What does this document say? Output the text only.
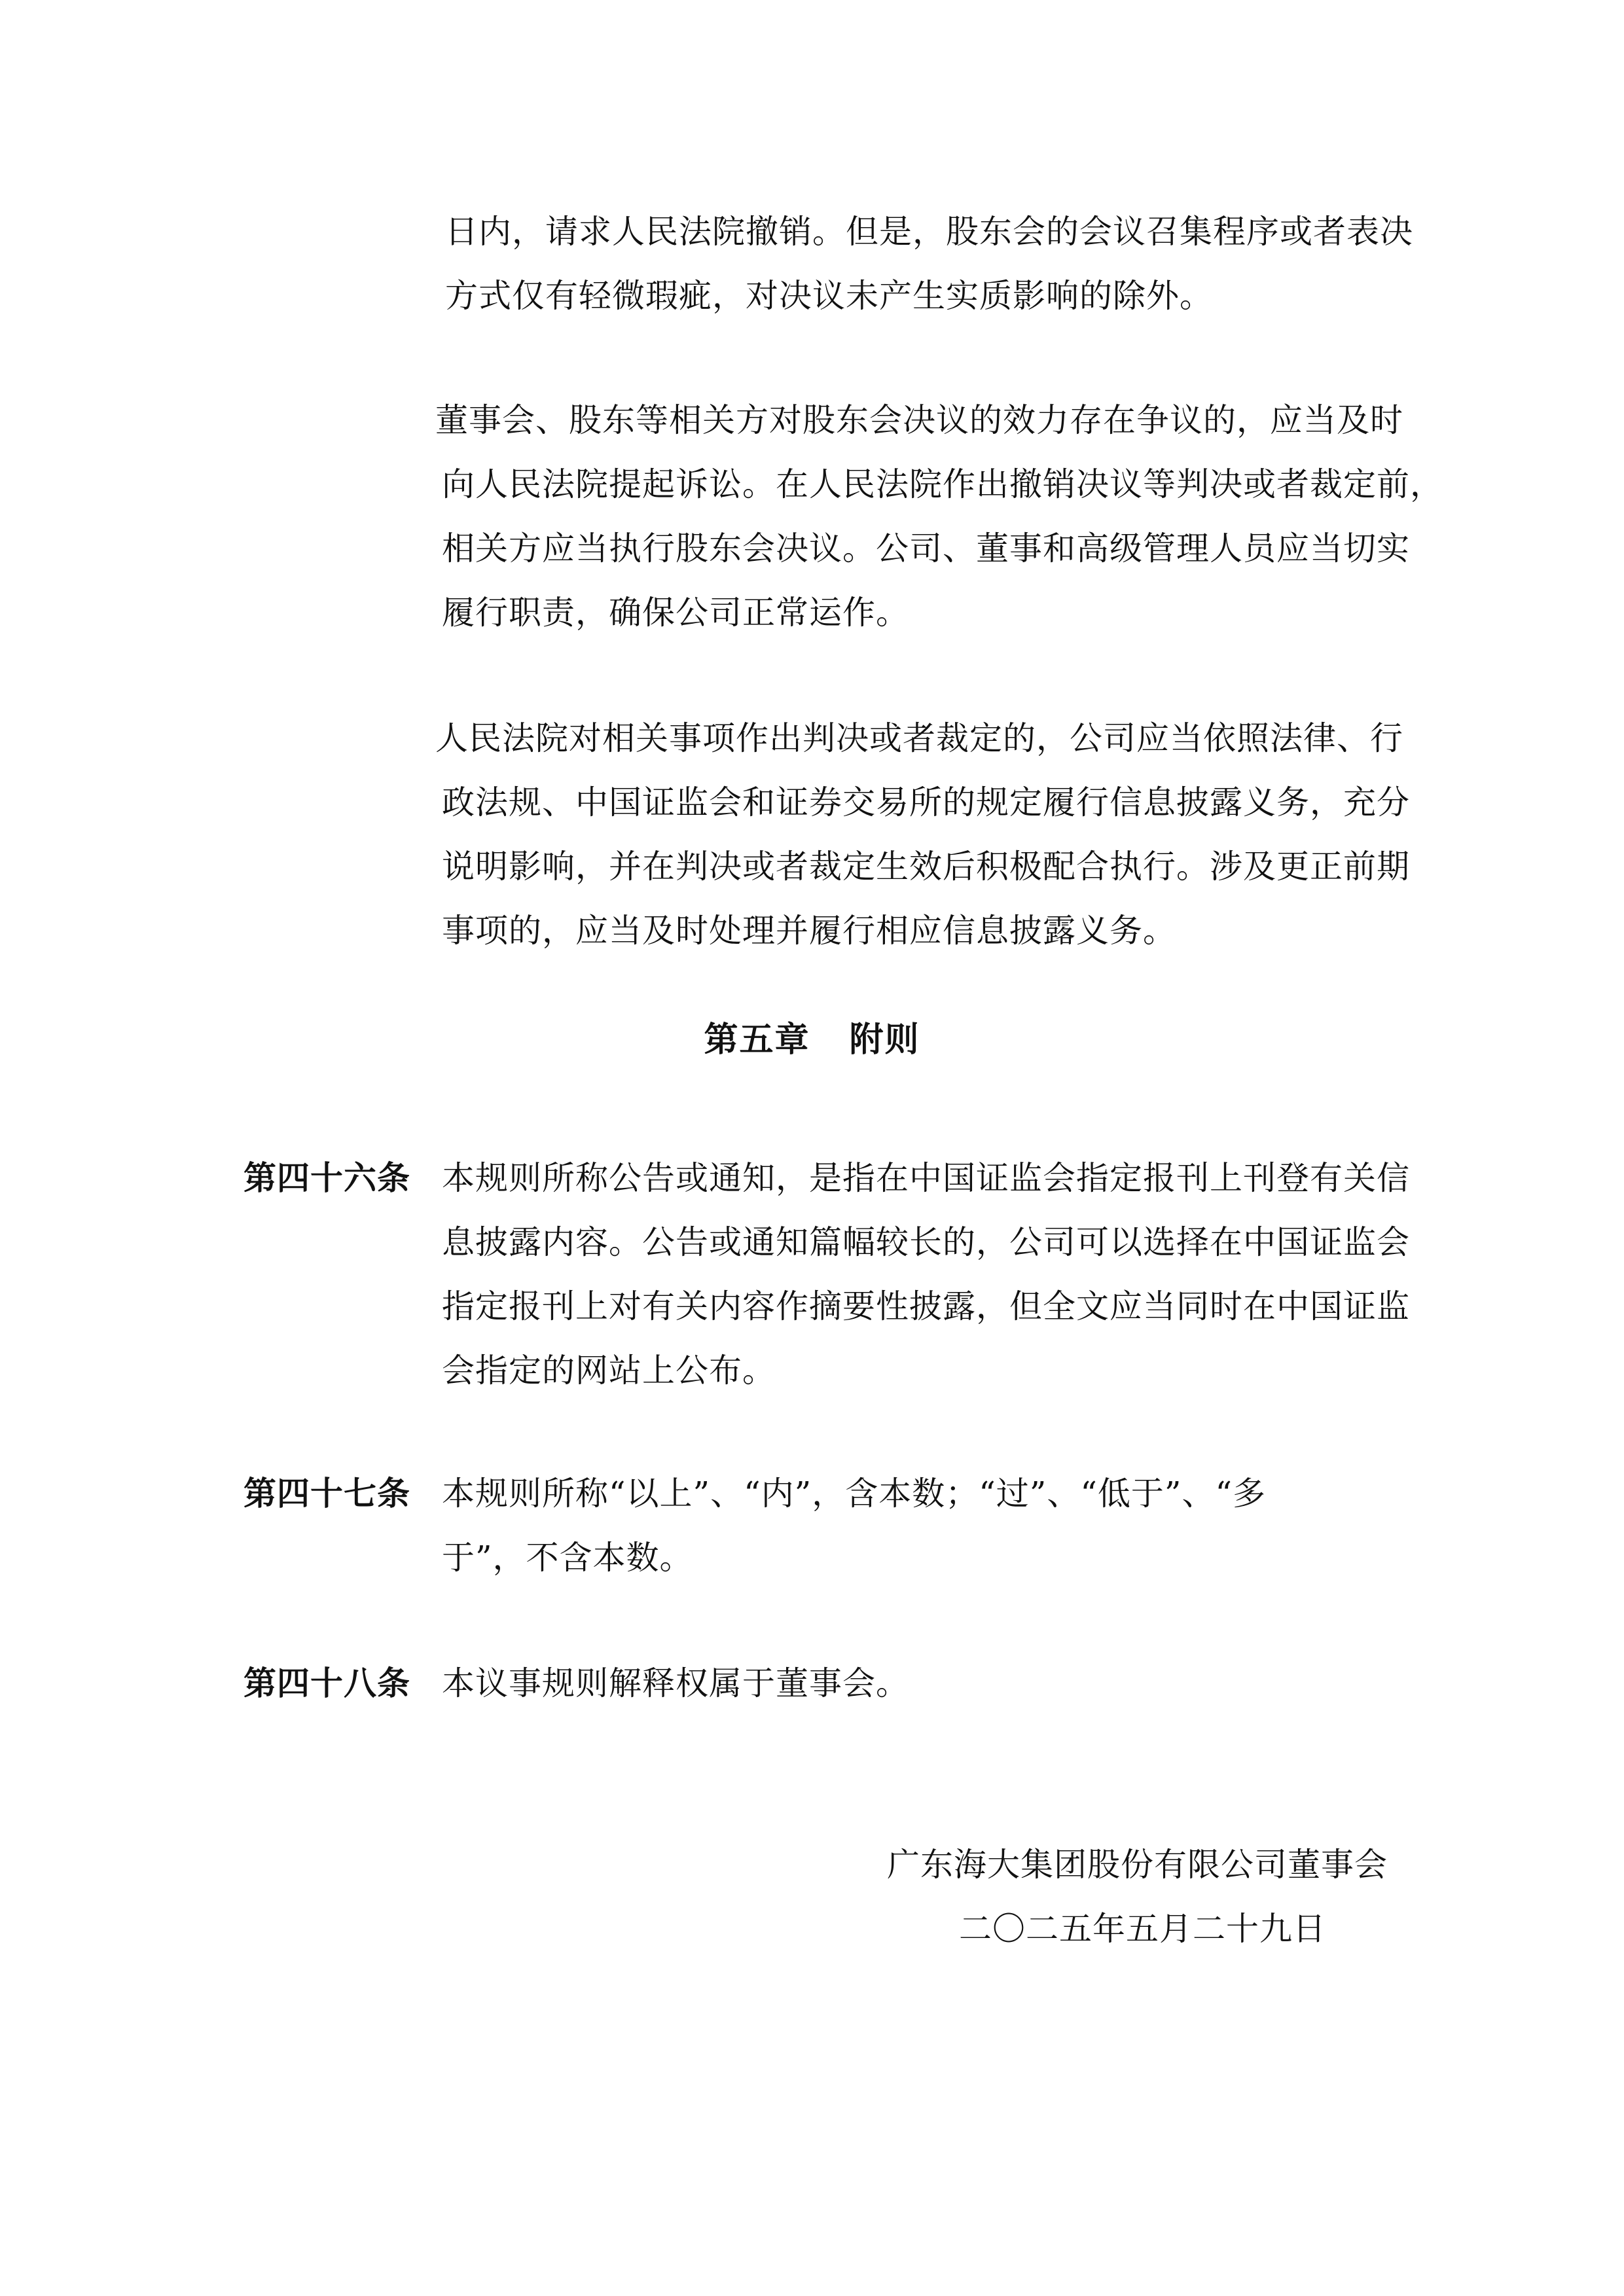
日内，请求人民法院撤销。但是，股东会的会议召集程序或者表决
方式仅有轻微瑕疵，对决议未产生实质影响的除外。
董事会、股东等相关方对股东会决议的效力存在争议的，应当及时
向人民法院提起诉讼。在人民法院作出撤销决议等判决或者裁定前，
相关方应当执行股东会决议。公司、董事和高级管理人员应当切实
履行职责，确保公司正常运作。
人民法院对相关事项作出判决或者裁定的，公司应当依照法律、行
政法规、中国证监会和证券交易所的规定履行信息披露义务，充分
说明影响，并在判决或者裁定生效后积极配合执行。涉及更正前期
事项的，应当及时处理并履行相应信息披露义务。
第五章 附则
第四十六条 本规则所称公告或通知，是指在中国证监会指定报刊上刊登有关信
息披露内容。公告或通知篇幅较长的，公司可以选择在中国证监会
指定报刊上对有关内容作摘要性披露，但全文应当同时在中国证监
会指定的网站上公布。
第四十七条 本规则所称“以上”、“内”，含本数；“过”、“低于”、“多
于”，不含本数。
第四十八条 本议事规则解释权属于董事会。
广东海大集团股份有限公司董事会
二〇二五年五月二十九日
